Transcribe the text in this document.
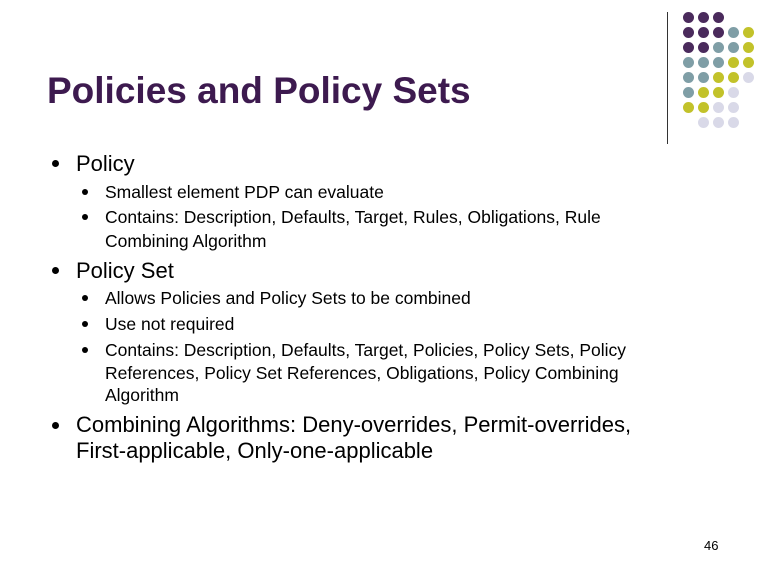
Policies and Policy Sets
Policy
Smallest element PDP can evaluate
Contains: Description, Defaults, Target, Rules, Obligations, Rule
Combining Algorithm
Policy Set
Allows Policies and Policy Sets to be combined
Use not required
Contains: Description, Defaults, Target, Policies, Policy Sets, Policy
References, Policy Set References, Obligations, Policy Combining
Algorithm
Combining Algorithms: Deny-overrides, Permit-overrides,
First-applicable, Only-one-applicable
46
